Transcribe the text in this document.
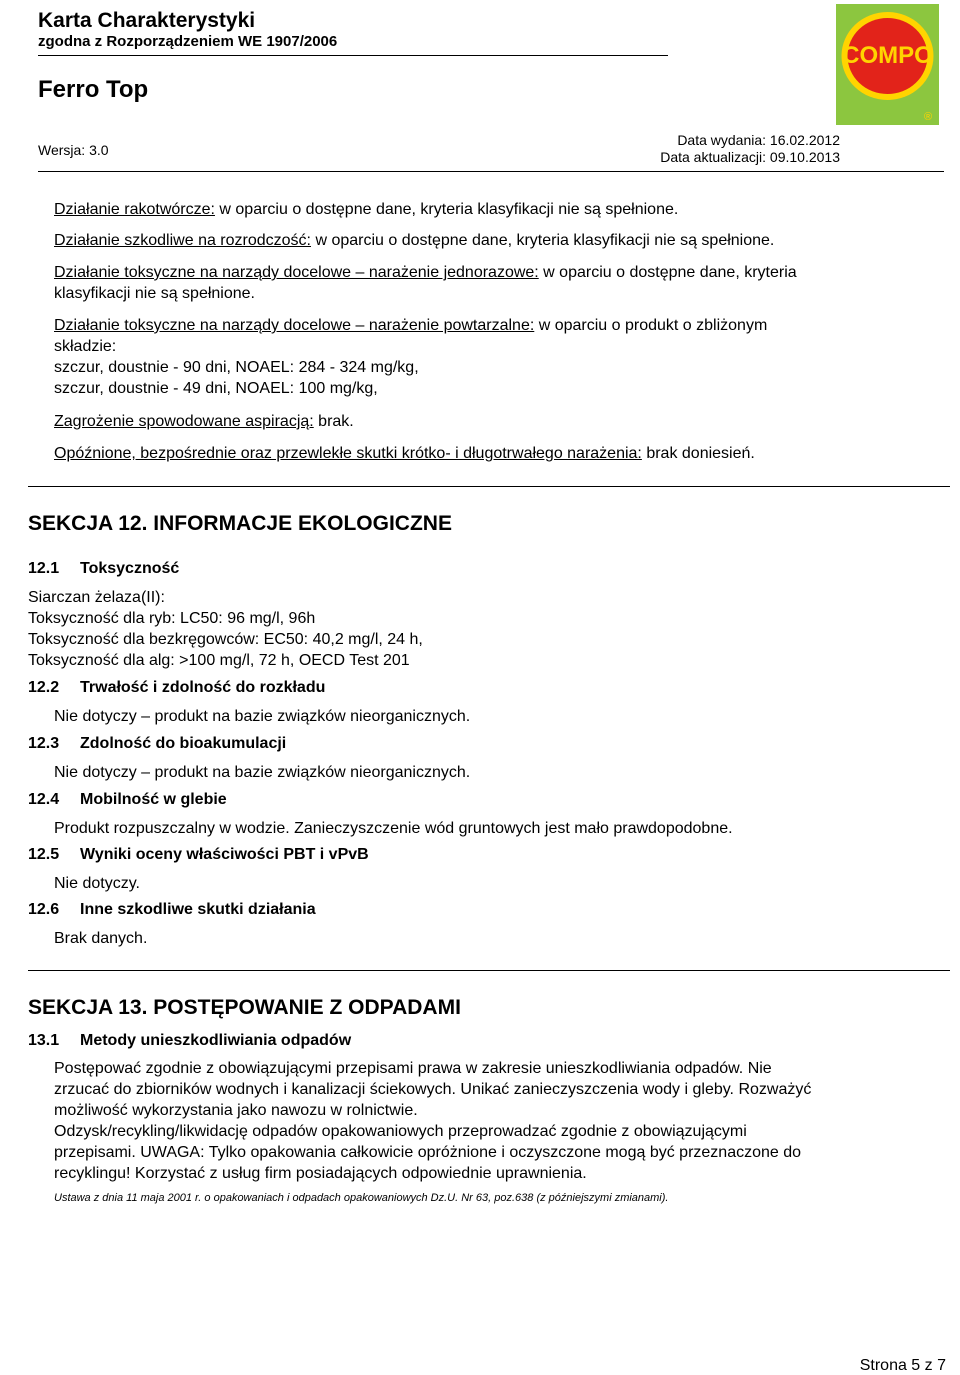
Karta Charakterystyki
zgodna z Rozporządzeniem WE 1907/2006
Ferro Top
Wersja: 3.0
Data wydania: 16.02.2012
Data aktualizacji: 09.10.2013
COMPO
®
Działanie rakotwórcze: w oparciu o dostępne dane, kryteria klasyfikacji nie są spełnione.
Działanie szkodliwe na rozrodczość: w oparciu o dostępne dane, kryteria klasyfikacji nie są spełnione.
Działanie toksyczne na narządy docelowe – narażenie jednorazowe: w oparciu o dostępne dane, kryteria
klasyfikacji nie są spełnione.
Działanie toksyczne na narządy docelowe – narażenie powtarzalne: w oparciu o produkt o zbliżonym
składzie:
szczur, doustnie - 90 dni, NOAEL: 284 - 324 mg/kg,
szczur, doustnie - 49 dni, NOAEL: 100 mg/kg,
Zagrożenie spowodowane aspiracją: brak.
Opóźnione, bezpośrednie oraz przewlekłe skutki krótko- i długotrwałego narażenia: brak doniesień.
SEKCJA 12. INFORMACJE EKOLOGICZNE
12.1 Toksyczność
Siarczan żelaza(II):
Toksyczność dla ryb: LC50: 96 mg/l, 96h
Toksyczność dla bezkręgowców: EC50: 40,2 mg/l, 24 h,
Toksyczność dla alg: >100 mg/l, 72 h, OECD Test 201
12.2 Trwałość i zdolność do rozkładu
Nie dotyczy – produkt na bazie związków nieorganicznych.
12.3 Zdolność do bioakumulacji
Nie dotyczy – produkt na bazie związków nieorganicznych.
12.4 Mobilność w glebie
Produkt rozpuszczalny w wodzie. Zanieczyszczenie wód gruntowych jest mało prawdopodobne.
12.5 Wyniki oceny właściwości PBT i vPvB
Nie dotyczy.
12.6 Inne szkodliwe skutki działania
Brak danych.
SEKCJA 13. POSTĘPOWANIE Z ODPADAMI
13.1 Metody unieszkodliwiania odpadów
Postępować zgodnie z obowiązującymi przepisami prawa w zakresie unieszkodliwiania odpadów. Nie
zrzucać do zbiorników wodnych i kanalizacji ściekowych. Unikać zanieczyszczenia wody i gleby. Rozważyć
możliwość wykorzystania jako nawozu w rolnictwie.
Odzysk/recykling/likwidację odpadów opakowaniowych przeprowadzać zgodnie z obowiązującymi
przepisami. UWAGA: Tylko opakowania całkowicie opróżnione i oczyszczone mogą być przeznaczone do
recyklingu! Korzystać z usług firm posiadających odpowiednie uprawnienia.
Ustawa z dnia 11 maja 2001 r. o opakowaniach i odpadach opakowaniowych Dz.U. Nr 63, poz.638 (z późniejszymi zmianami).
Strona 5 z 7
